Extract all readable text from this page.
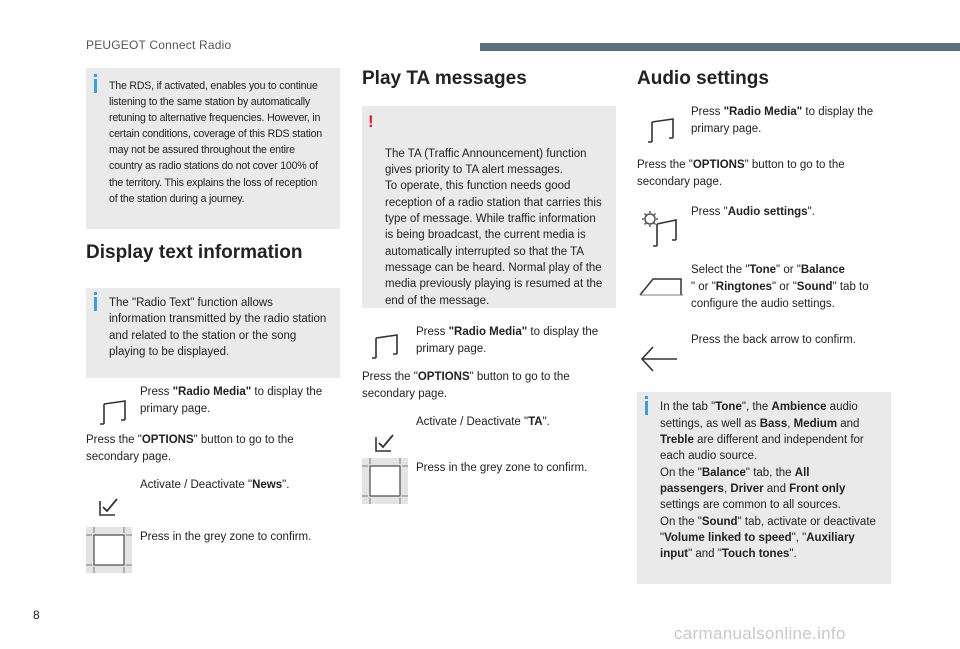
PEUGEOT Connect Radio
The RDS, if activated, enables you to continue listening to the same station by automatically retuning to alternative frequencies. However, in certain conditions, coverage of this RDS station may not be assured throughout the entire country as radio stations do not cover 100% of the territory. This explains the loss of reception of the station during a journey.
Display text information
The "Radio Text" function allows information transmitted by the radio station and related to the station or the song playing to be displayed.
Press "Radio Media" to display the primary page.
Press the "OPTIONS" button to go to the secondary page.
Activate / Deactivate "News".
Press in the grey zone to confirm.
Play TA messages

!

The TA (Traffic Announcement) function gives priority to TA alert messages.
To operate, this function needs good reception of a radio station that carries this type of message. While traffic information is being broadcast, the current media is automatically interrupted so that the TA message can be heard. Normal play of the media previously playing is resumed at the end of the message.

Press "Radio Media" to display the primary page.
Press the "OPTIONS" button to go to the secondary page.
Activate / Deactivate "TA".
Press in the grey zone to confirm.
Audio settings
Press "Radio Media" to display the primary page.
Press the "OPTIONS" button to go to the secondary page.
Press "Audio settings".
Select the "Tone" or "Balance
" or "Ringtones" or "Sound" tab to configure the audio settings.
Press the back arrow to confirm.
In the tab "Tone", the Ambience audio settings, as well as Bass, Medium and Treble are different and independent for each audio source.
On the "Balance" tab, the All passengers, Driver and Front only settings are common to all sources.
On the "Sound" tab, activate or deactivate "Volume linked to speed", "Auxiliary input" and "Touch tones".
8
carmanualsonline.info
